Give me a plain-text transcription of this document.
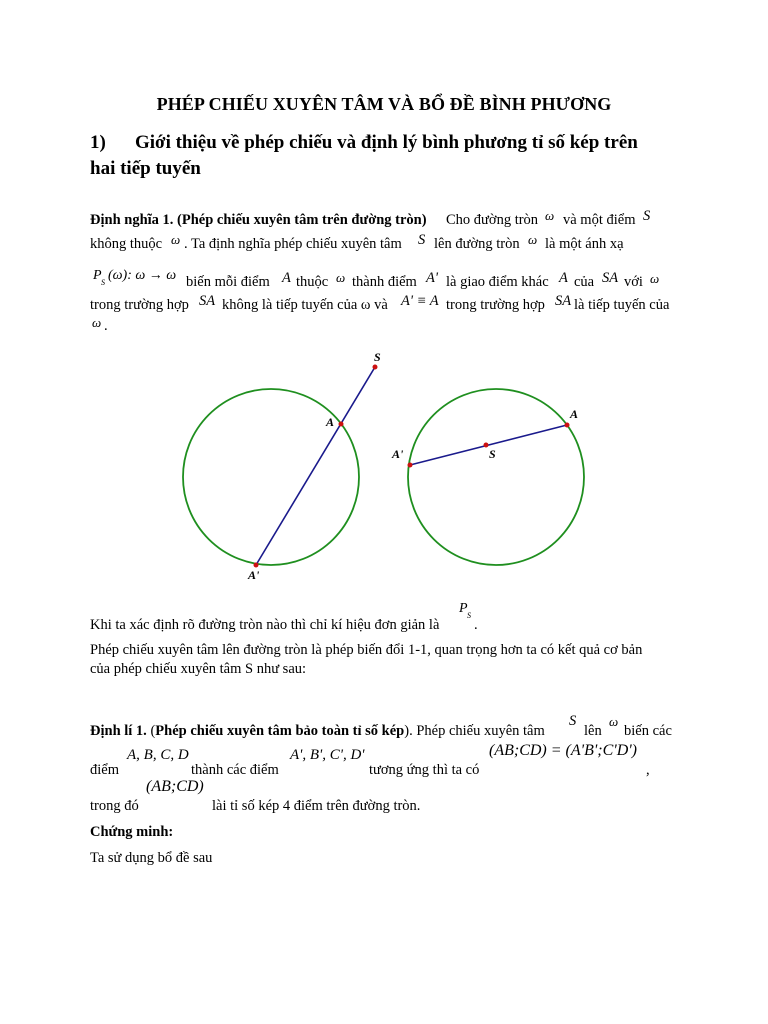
PHÉP CHIẾU XUYÊN TÂM VÀ BỔ ĐỀ BÌNH PHƯƠNG
1) Giới thiệu về phép chiếu và định lý bình phương tỉ số kép trên
hai tiếp tuyến
Định nghĩa 1. (Phép chiếu xuyên tâm trên đường tròn) Cho đường tròn ω và một điểm S
không thuộc ω . Ta định nghĩa phép chiếu xuyên tâm S lên đường tròn ω là một ánh xạ
P S (ω): ω → ω biến mỗi điểm A thuộc ω thành điểm A' là giao điểm khác A của SA với ω
trong trường hợp SA không là tiếp tuyến của ω và A' ≡ A trong trường hợp SA là tiếp tuyến của
ω .
S
A
A'
A
A'	S
Khi ta xác định rõ đường tròn nào thì chỉ kí hiệu đơn giản là
P S
.
Phép chiếu xuyên tâm lên đường tròn là phép biến đổi 1-1, quan trọng hơn ta có kết quả cơ bản
của phép chiếu xuyên tâm S như sau:
Định lí 1. (Phép chiếu xuyên tâm bảo toàn tỉ số kép). Phép chiếu xuyên tâm
S
lên
ω
biến các
điểm
A, B, C, D
thành các điểm
A', B', C', D'
tương ứng thì ta có
(AB;CD) = (A'B';C'D')
,
(AB;CD)
trong đó	lài tỉ số kép 4 điểm trên đường tròn.
Chứng minh:
Ta sử dụng bổ đề sau
